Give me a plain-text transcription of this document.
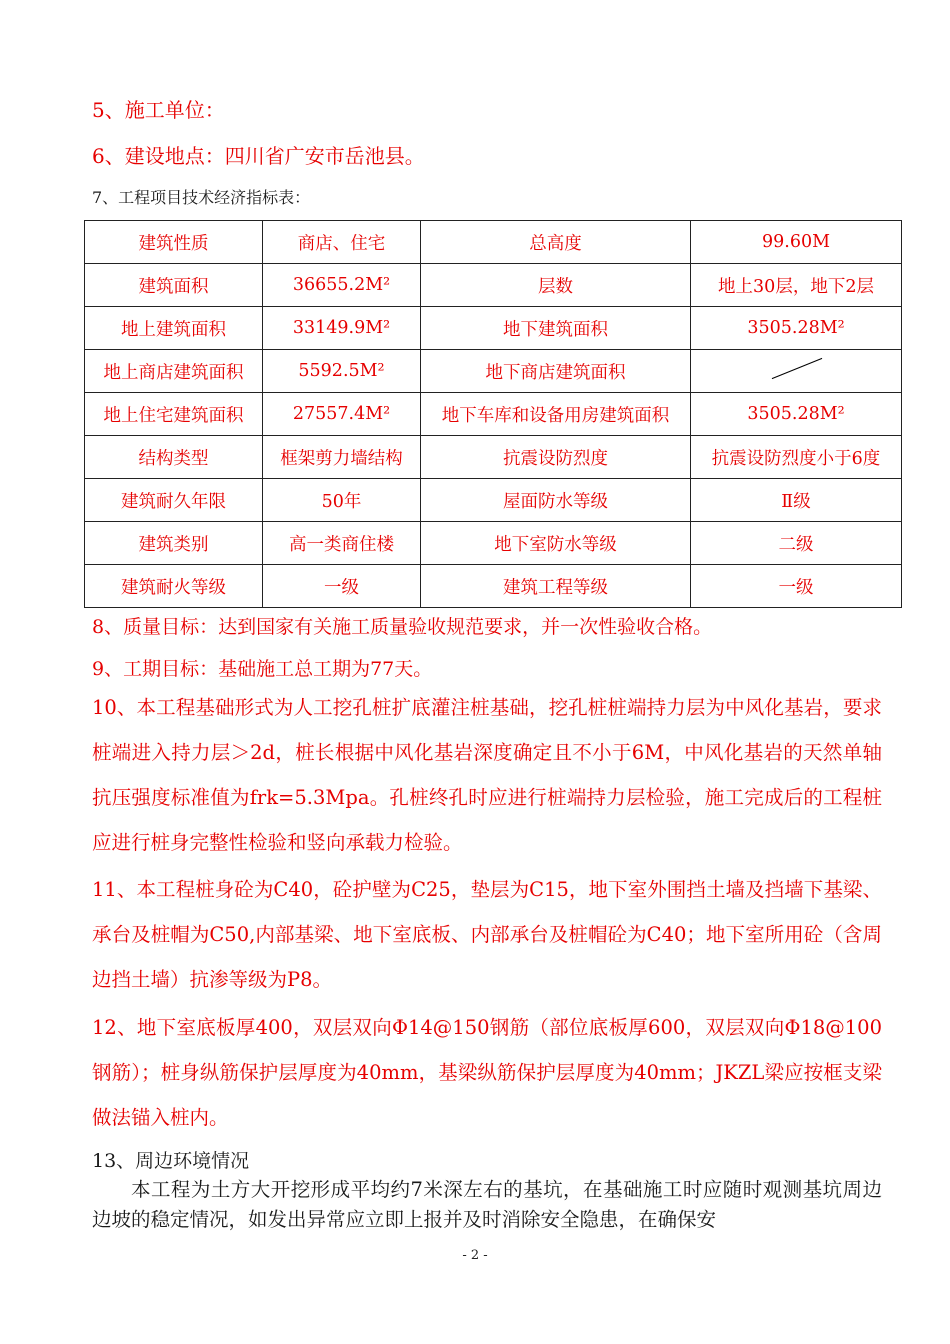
5、施工单位：
6、建设地点：四川省广安市岳池县。
7、工程项目技术经济指标表：
建筑性质	商店、住宅	总高度	99.60M
建筑面积	36655.2M²	层数	地上30层，地下2层
地上建筑面积	33149.9M²	地下建筑面积	3505.28M²
地上商店建筑面积	5592.5M²	地下商店建筑面积	
地上住宅建筑面积	27557.4M²	地下车库和设备用房建筑面积	3505.28M²
结构类型	框架剪力墙结构	抗震设防烈度	抗震设防烈度小于6度
建筑耐久年限	50年	屋面防水等级	Ⅱ级
建筑类别	高一类商住楼	地下室防水等级	二级
建筑耐火等级	一级	建筑工程等级	一级
8、质量目标：达到国家有关施工质量验收规范要求，并一次性验收合格。
9、工期目标：基础施工总工期为77天。
10、本工程基础形式为人工挖孔桩扩底灌注桩基础，挖孔桩桩端持力层为中风化基岩，要求桩端进入持力层＞2d，桩长根据中风化基岩深度确定且不小于6M，中风化基岩的天然单轴抗压强度标准值为frk=5.3Mpa。孔桩终孔时应进行桩端持力层检验，施工完成后的工程桩应进行桩身完整性检验和竖向承载力检验。
11、本工程桩身砼为C40，砼护壁为C25，垫层为C15，地下室外围挡土墙及挡墙下基梁、承台及桩帽为C50,内部基梁、地下室底板、内部承台及桩帽砼为C40；地下室所用砼（含周边挡土墙）抗渗等级为P8。
12、地下室底板厚400，双层双向Φ14@150钢筋（部位底板厚600，双层双向Φ18@100钢筋）；桩身纵筋保护层厚度为40mm，基梁纵筋保护层厚度为40mm；JKZL梁应按框支梁做法锚入桩内。
13、周边环境情况
本工程为土方大开挖形成平均约7米深左右的基坑，在基础施工时应随时观测基坑周边边坡的稳定情况，如发出异常应立即上报并及时消除安全隐患，在确保安
- 2 -
